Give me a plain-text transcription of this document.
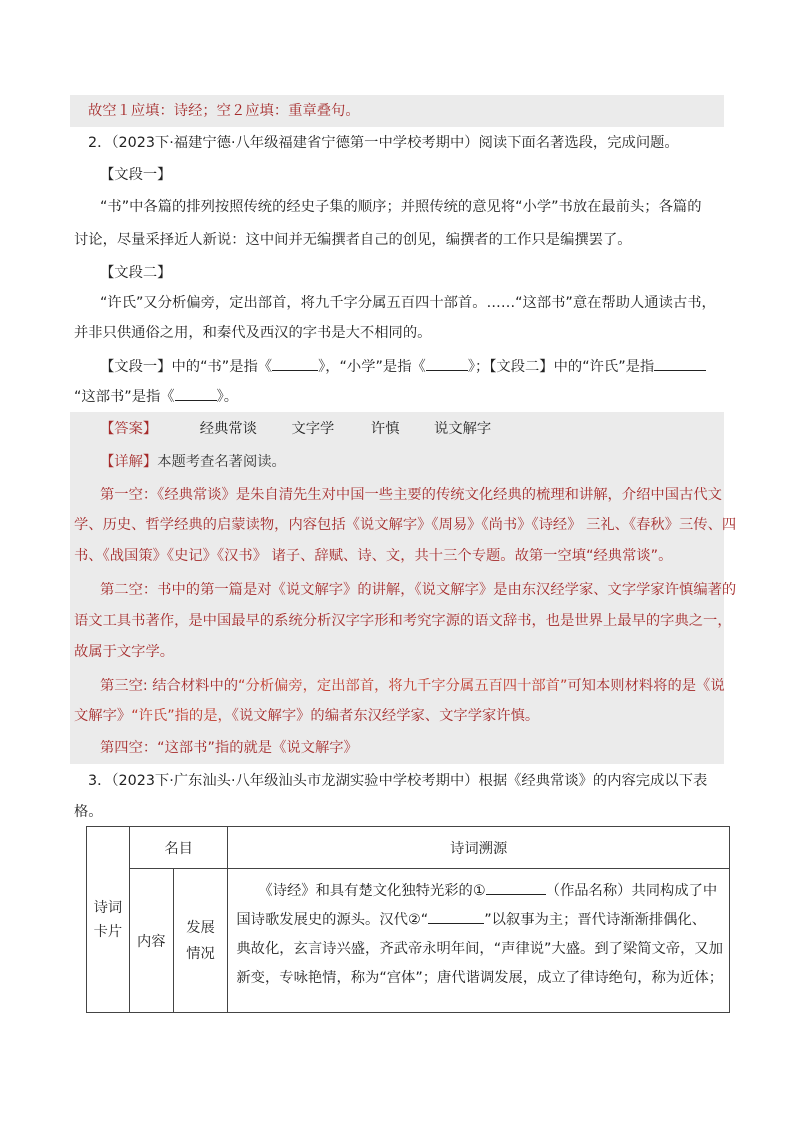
故空１应填：诗经；空２应填：重章叠句。
2．（2023下·福建宁德·八年级福建省宁德第一中学校考期中）阅读下面名著选段，完成问题。
【文段一】
“书”中各篇的排列按照传统的经史子集的顺序；并照传统的意见将“小学”书放在最前头；各篇的
讨论，尽量采择近人新说：这中间并无编撰者自己的创见，编撰者的工作只是编撰罢了。
【文段二】
“许氏”又分析偏旁，定出部首，将九千字分属五百四十部首。……“这部书”意在帮助人通读古书，
并非只供通俗之用，和秦代及西汉的字书是大不相同的。
【文段一】中的“书”是指《	》，“小学”是指《	》；【文段二】中的“许氏”是指
“这部书”是指《	》。
【答案】	经典常谈 文字学	许慎 说文解字
【详解】本题考查名著阅读。
第一空：《经典常谈》是朱自清先生对中国一些主要的传统文化经典的梳理和讲解，介绍中国古代文
学、历史、哲学经典的启蒙读物，内容包括《说文解字》《周易》《尚书》《诗经》 三礼、《春秋》三传、四
书、《战国策》《史记》《汉书》 诸子、辞赋、诗、文，共十三个专题。故第一空填“经典常谈”。
第二空：书中的第一篇是对《说文解字》的讲解，《说文解字》是由东汉经学家、文字学家许慎编著的
语文工具书著作，是中国最早的系统分析汉字字形和考究字源的语文辞书，也是世界上最早的字典之一，
故属于文字学。
第三空: 结合材料中的“分析偏旁，定出部首，将九千字分属五百四十部首”可知本则材料将的是《说
文解字》“许氏”指的是，《说文解字》的编者东汉经学家、文字学家许慎。
第四空：“这部书”指的就是《说文解字》
3．（2023下·广东汕头·八年级汕头市龙湖实验中学校考期中）根据《经典常谈》的内容完成以下表
格。
诗词卡片	名目		诗词溯源
	内容	发展情况	《诗经》和具有楚文化独特光彩的① （作品名称）共同构成了中
国诗歌发展史的源头。汉代②“ ”以叙事为主；晋代诗渐渐排偶化、
典故化，玄言诗兴盛，齐武帝永明年间，“声律说”大盛。到了梁简文帝，又加
新变，专咏艳情，称为“宫体”；唐代谐调发展，成立了律诗绝句，称为近体；
